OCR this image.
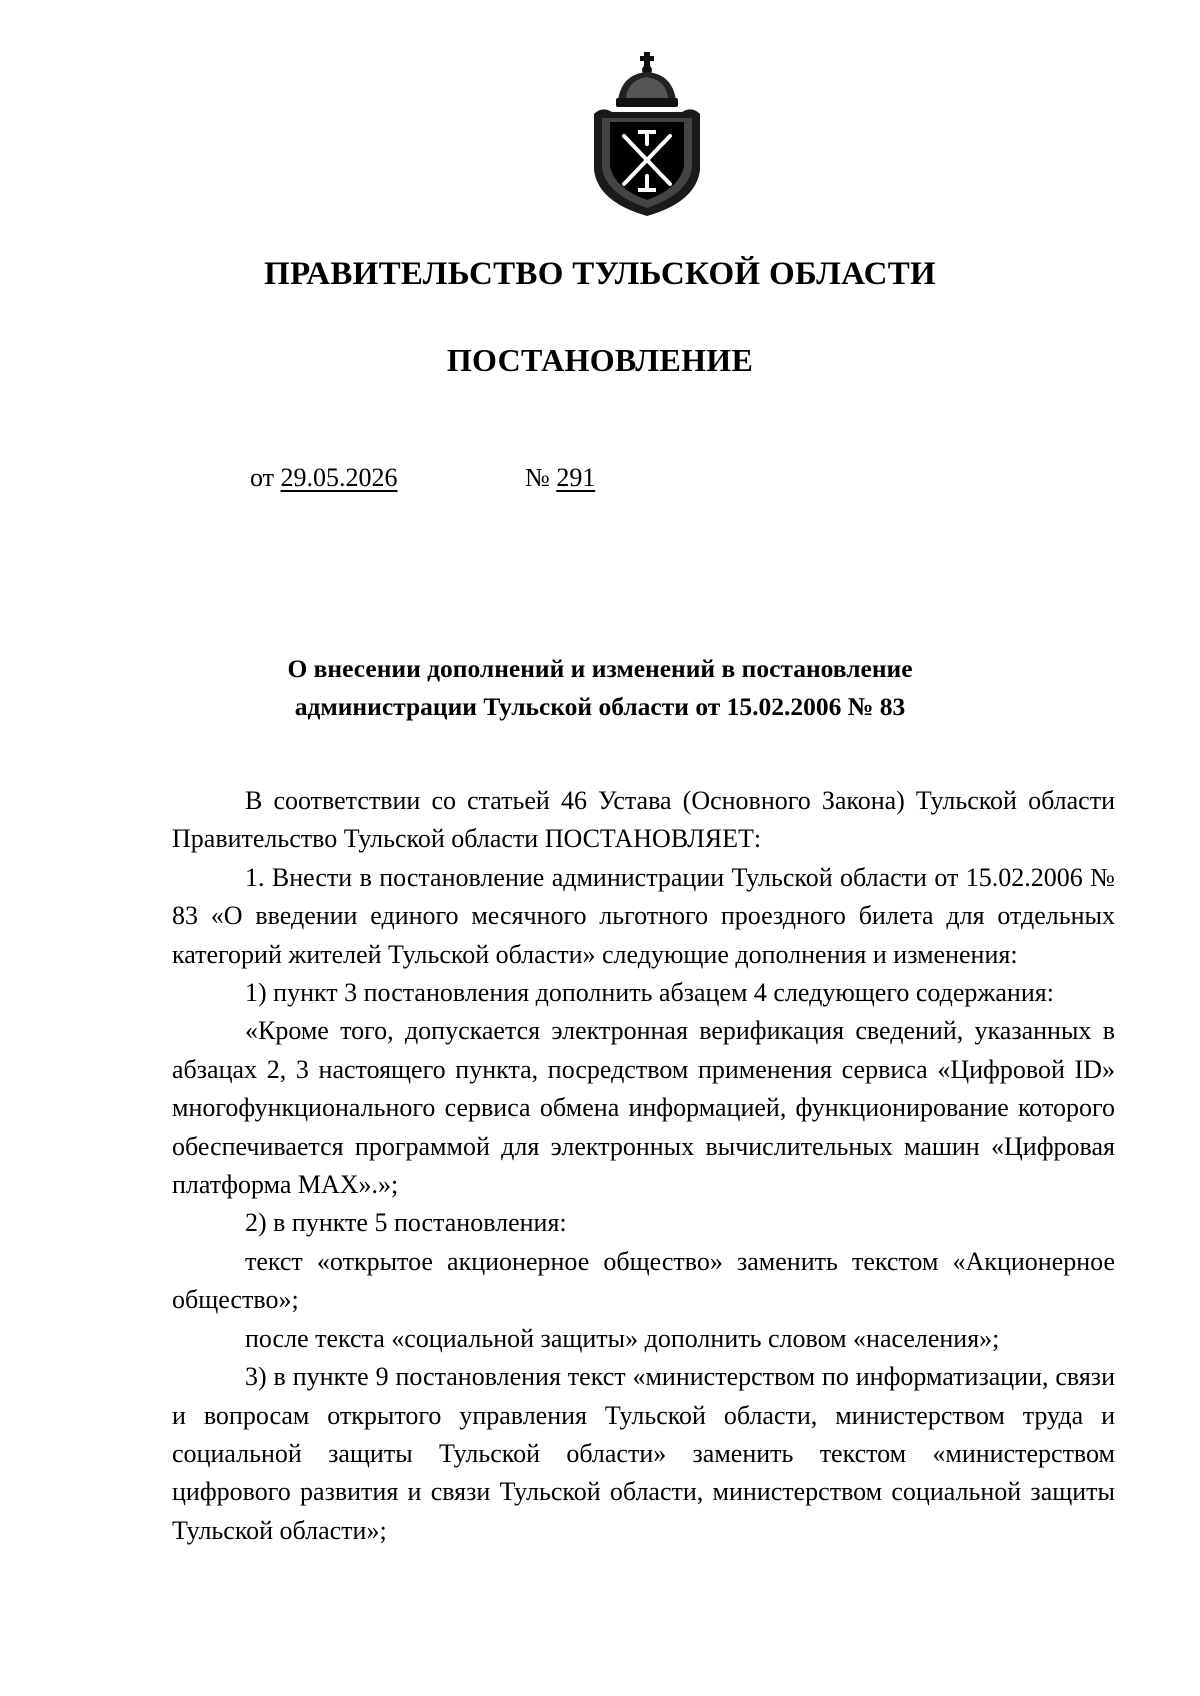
ПРАВИТЕЛЬСТВО ТУЛЬСКОЙ ОБЛАСТИ
ПОСТАНОВЛЕНИЕ
от 29.05.2026	№ 291
О внесении дополнений и изменений в постановление
администрации Тульской области от 15.02.2006 № 83

В соответствии со статьей 46 Устава (Основного Закона) Тульской области Правительство Тульской области ПОСТАНОВЛЯЕТ:

1. Внести в постановление администрации Тульской области от 15.02.2006 № 83 «О введении единого месячного льготного проездного билета для отдельных категорий жителей Тульской области» следующие дополнения и изменения:

1) пункт 3 постановления дополнить абзацем 4 следующего содержания:

«Кроме того, допускается электронная верификация сведений, указанных в абзацах 2, 3 настоящего пункта, посредством применения сервиса «Цифровой ID» многофункционального сервиса обмена информацией, функционирование которого обеспечивается программой для электронных вычислительных машин «Цифровая платформа MAX».»;

2) в пункте 5 постановления:

текст «открытое акционерное общество» заменить текстом «Акционерное общество»;

после текста «социальной защиты» дополнить словом «населения»;

3) в пункте 9 постановления текст «министерством по информатизации, связи и вопросам открытого управления Тульской области, министерством труда и социальной защиты Тульской области» заменить текстом «министерством цифрового развития и связи Тульской области, министерством социальной защиты Тульской области»;
